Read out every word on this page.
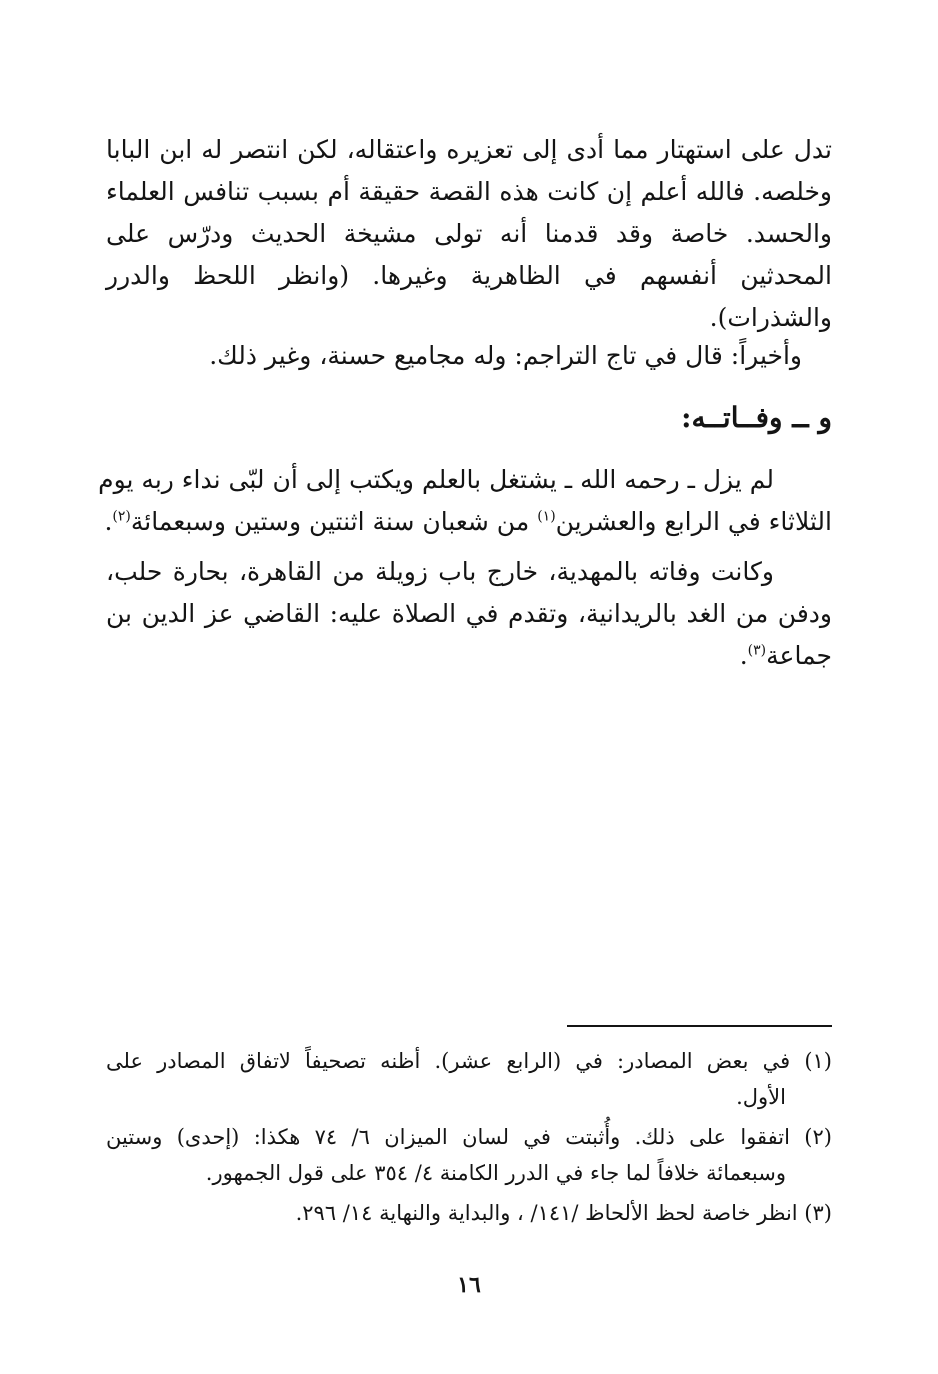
تدل على استهتار مما أدى إلى تعزيره واعتقاله، لكن انتصر له ابن البابا
وخلصه. فالله أعلم إن كانت هذه القصة حقيقة أم بسبب تنافس العلماء
والحسد. خاصة وقد قدمنا أنه تولى مشيخة الحديث ودرّس على
المحدثين أنفسهم في الظاهرية وغيرها. (وانظر اللحظ والدرر
والشذرات).
وأخيراً: قال في تاج التراجم: وله مجاميع حسنة، وغير ذلك.
و ــ وفــاتــه:
لم يزل ـ رحمه الله ـ يشتغل بالعلم ويكتب إلى أن لبّى نداء ربه يوم
الثلاثاء في الرابع والعشرين$^{(١)}$ من شعبان سنة اثنتين وستين وسبعمائة$^{(٢)}$.
وكانت وفاته بالمهدية، خارج باب زويلة من القاهرة، بحارة حلب،
ودفن من الغد بالريدانية، وتقدم في الصلاة عليه: القاضي عز الدين بن
جماعة$^{(٣)}$.
(١) في بعض المصادر: في (الرابع عشر). أظنه تصحيفاً لاتفاق المصادر على
الأول.
(٢) اتفقوا على ذلك. وأُثبتت في لسان الميزان ٦/ ٧٤ هكذا: (إحدى) وستين
وسبعمائة خلافاً لما جاء في الدرر الكامنة ٤/ ٣٥٤ على قول الجمهور.
(٣) انظر خاصة لحظ الألحاظ /١٤١/ ، والبداية والنهاية ١٤/ ٢٩٦.
١٦
